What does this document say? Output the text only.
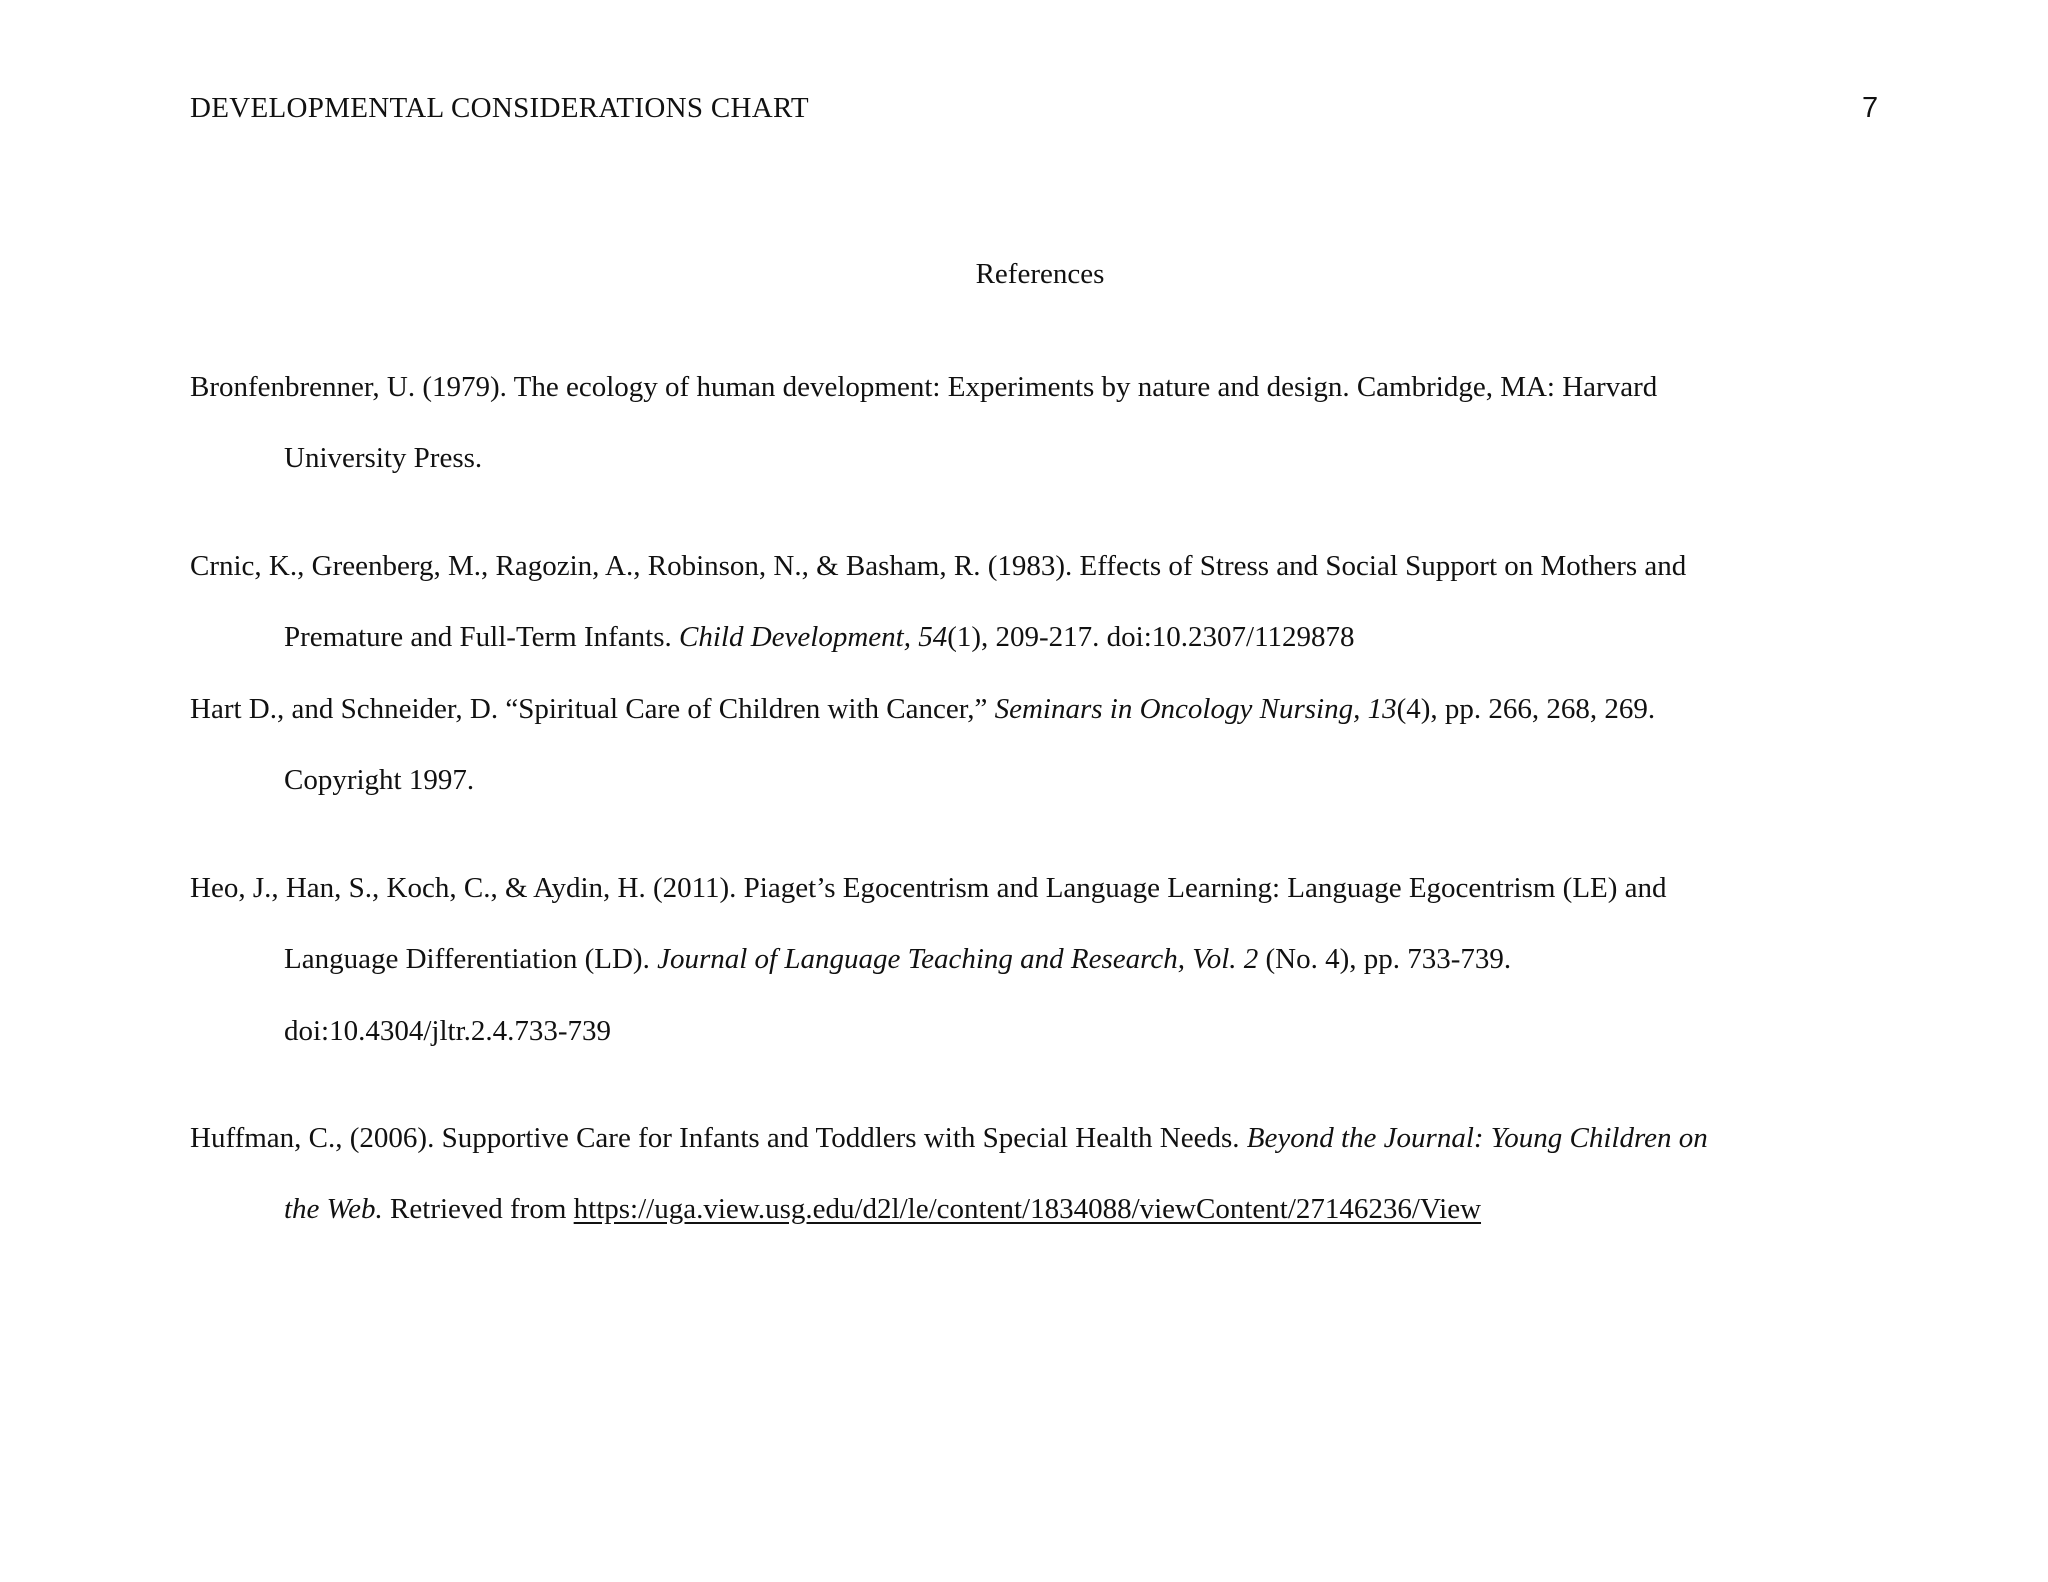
DEVELOPMENTAL CONSIDERATIONS CHART	7
References
Bronfenbrenner, U. (1979). The ecology of human development: Experiments by nature and design. Cambridge, MA: Harvard
University Press.
Crnic, K., Greenberg, M., Ragozin, A., Robinson, N., & Basham, R. (1983). Effects of Stress and Social Support on Mothers and
Premature and Full-Term Infants. Child Development, 54(1), 209-217. doi:10.2307/1129878
Hart D., and Schneider, D. “Spiritual Care of Children with Cancer,” Seminars in Oncology Nursing, 13(4), pp. 266, 268, 269.
Copyright 1997.
Heo, J., Han, S., Koch, C., & Aydin, H. (2011). Piaget’s Egocentrism and Language Learning: Language Egocentrism (LE) and
Language Differentiation (LD). Journal of Language Teaching and Research, Vol. 2 (No. 4), pp. 733-739.
doi:10.4304/jltr.2.4.733-739
Huffman, C., (2006). Supportive Care for Infants and Toddlers with Special Health Needs. Beyond the Journal: Young Children on
the Web. Retrieved from https://uga.view.usg.edu/d2l/le/content/1834088/viewContent/27146236/View
